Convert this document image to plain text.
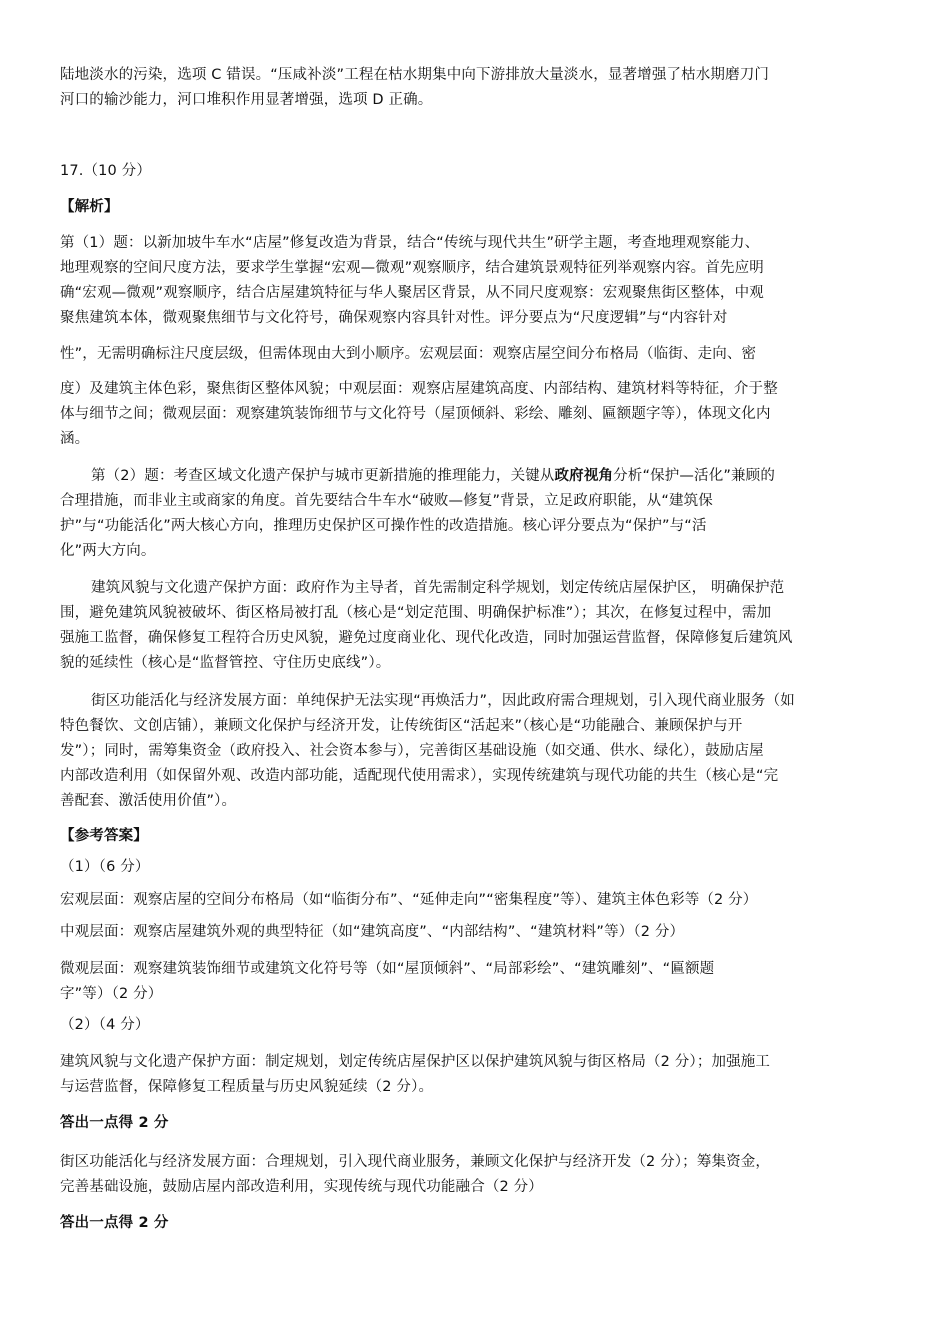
陆地淡水的污染，选项 C 错误。“压咸补淡”工程在枯水期集中向下游排放大量淡水，显著增强了枯水期磨刀门
河口的输沙能力，河口堆积作用显著增强，选项 D 正确。
17.（10 分）
【解析】
第（1）题：以新加坡牛车水“店屋”修复改造为背景，结合“传统与现代共生”研学主题，考查地理观察能力、
地理观察的空间尺度方法，要求学生掌握“宏观—微观”观察顺序，结合建筑景观特征列举观察内容。首先应明
确“宏观—微观”观察顺序，结合店屋建筑特征与华人聚居区背景，从不同尺度观察：宏观聚焦街区整体，中观
聚焦建筑本体，微观聚焦细节与文化符号，确保观察内容具针对性。评分要点为“尺度逻辑”与“内容针对
性”，无需明确标注尺度层级，但需体现由大到小顺序。宏观层面：观察店屋空间分布格局（临街、走向、密
度）及建筑主体色彩，聚焦街区整体风貌；中观层面：观察店屋建筑高度、内部结构、建筑材料等特征，介于整
体与细节之间；微观层面：观察建筑装饰细节与文化符号（屋顶倾斜、彩绘、雕刻、匾额题字等），体现文化内
涵。
第（2）题：考查区域文化遗产保护与城市更新措施的推理能力，关键从政府视角分析“保护—活化”兼顾的
合理措施，而非业主或商家的角度。首先要结合牛车水“破败—修复”背景，立足政府职能，从“建筑保
护”与“功能活化”两大核心方向，推理历史保护区可操作性的改造措施。核心评分要点为“保护”与“活
化”两大方向。
建筑风貌与文化遗产保护方面：政府作为主导者，首先需制定科学规划，划定传统店屋保护区， 明确保护范
围，避免建筑风貌被破坏、街区格局被打乱（核心是“划定范围、明确保护标准”）；其次，在修复过程中，需加
强施工监督，确保修复工程符合历史风貌，避免过度商业化、现代化改造，同时加强运营监督，保障修复后建筑风
貌的延续性（核心是“监督管控、守住历史底线”）。
街区功能活化与经济发展方面：单纯保护无法实现“再焕活力”，因此政府需合理规划，引入现代商业服务（如
特色餐饮、文创店铺），兼顾文化保护与经济开发，让传统街区“活起来”（核心是“功能融合、兼顾保护与开
发”）；同时，需筹集资金（政府投入、社会资本参与），完善街区基础设施（如交通、供水、绿化），鼓励店屋
内部改造利用（如保留外观、改造内部功能，适配现代使用需求），实现传统建筑与现代功能的共生（核心是“完
善配套、激活使用价值”）。
【参考答案】
（1）（6 分）
宏观层面：观察店屋的空间分布格局（如“临街分布”、“延伸走向”“密集程度”等）、建筑主体色彩等（2 分）
中观层面：观察店屋建筑外观的典型特征（如“建筑高度”、“内部结构”、“建筑材料”等）（2 分）
微观层面：观察建筑装饰细节或建筑文化符号等（如“屋顶倾斜”、“局部彩绘”、“建筑雕刻”、“匾额题
字”等）（2 分）
（2）（4 分）
建筑风貌与文化遗产保护方面：制定规划，划定传统店屋保护区以保护建筑风貌与街区格局（2 分）；加强施工
与运营监督，保障修复工程质量与历史风貌延续（2 分）。
答出一点得 2 分
街区功能活化与经济发展方面：合理规划，引入现代商业服务，兼顾文化保护与经济开发（2 分）；筹集资金，
完善基础设施，鼓励店屋内部改造利用，实现传统与现代功能融合（2 分）
答出一点得 2 分
